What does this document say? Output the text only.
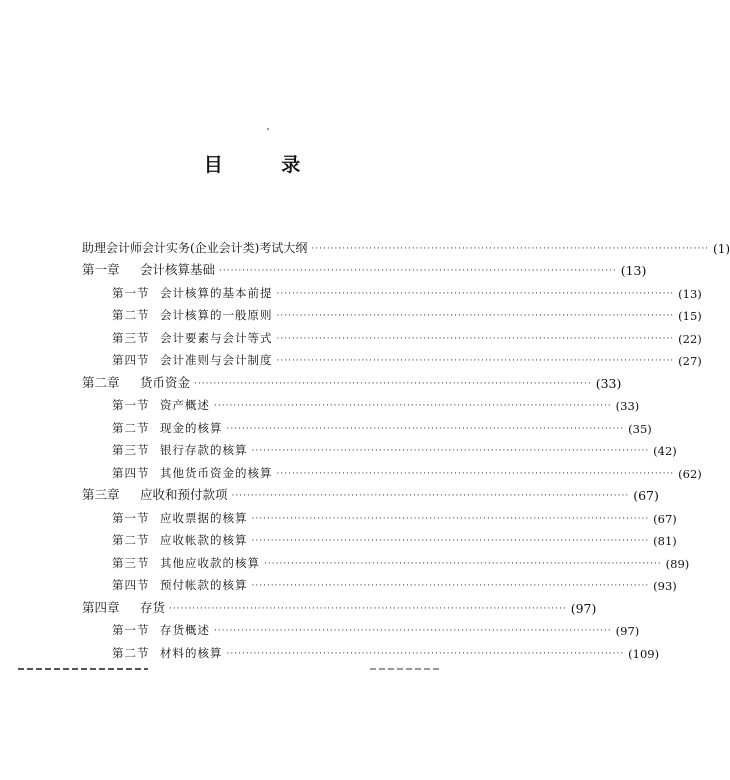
目 录
助理会计师会计实务(企业会计类)考试大纲 ······································································································· (1)
第一章	会计核算基础 ······································································································· (13)
第一节 会计核算的基本前提 ······································································································· (13)
第二节 会计核算的一般原则 ······································································································· (15)
第三节 会计要素与会计等式 ······································································································· (22)
第四节 会计准则与会计制度 ······································································································· (27)
第二章	货币资金 ······································································································· (33)
第一节 资产概述 ······································································································· (33)
第二节 现金的核算 ······································································································· (35)
第三节 银行存款的核算 ······································································································· (42)
第四节 其他货币资金的核算 ······································································································· (62)
第三章	应收和预付款项 ······································································································· (67)
第一节 应收票据的核算 ······································································································· (67)
第二节 应收帐款的核算 ······································································································· (81)
第三节 其他应收款的核算 ······································································································· (89)
第四节 预付帐款的核算 ······································································································· (93)
第四章	存货 ······································································································· (97)
第一节 存货概述 ······································································································· (97)
第二节 材料的核算 ······································································································· (109)
